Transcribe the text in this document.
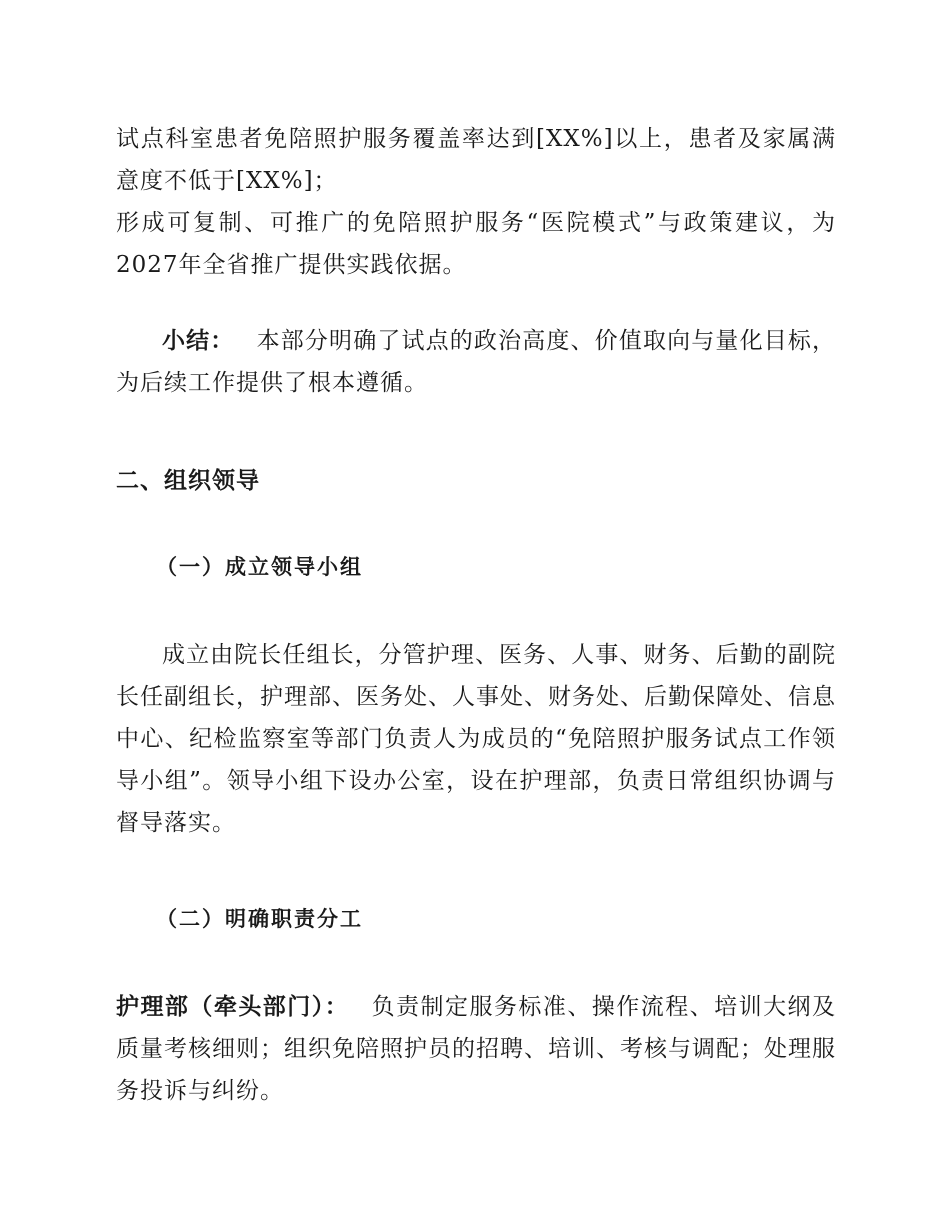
试点科室患者免陪照护服务覆盖率达到[XX%]以上，患者及家属满意度不低于[XX%]；

形成可复制、可推广的免陪照护服务“医院模式”与政策建议，为2027年全省推广提供实践依据。

小结： 本部分明确了试点的政治高度、价值取向与量化目标，为后续工作提供了根本遵循。

二、组织领导
（一）成立领导小组

成立由院长任组长，分管护理、医务、人事、财务、后勤的副院长任副组长，护理部、医务处、人事处、财务处、后勤保障处、信息中心、纪检监察室等部门负责人为成员的“免陪照护服务试点工作领导小组”。领导小组下设办公室，设在护理部，负责日常组织协调与督导落实。

（二）明确职责分工

护理部（牵头部门）： 负责制定服务标准、操作流程、培训大纲及质量考核细则；组织免陪照护员的招聘、培训、考核与调配；处理服务投诉与纠纷。
